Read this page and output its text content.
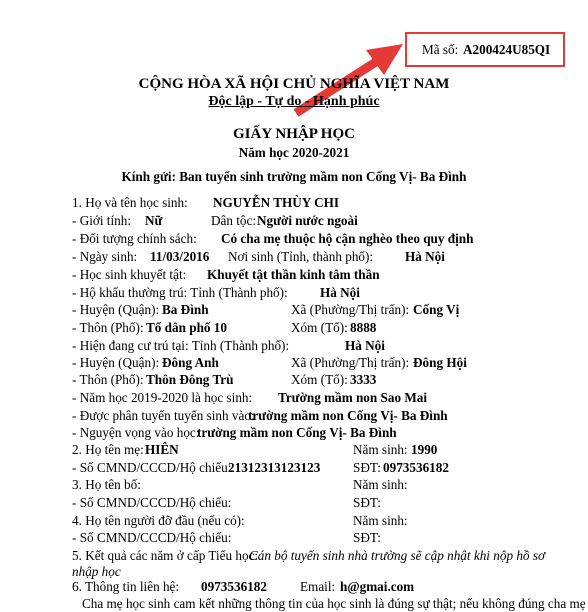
Mã số: A200424U85QI
CỘNG HÒA XÃ HỘI CHỦ NGHĨA VIỆT NAM
Độc lập - Tự do - Hạnh phúc
GIẤY NHẬP HỌC
Năm học 2020-2021
Kính gửi: Ban tuyển sinh trường mầm non Cống Vị- Ba Đình
1. Họ và tên học sinh: NGUYỄN THÙY CHI
- Giới tính: Nữ	Dân tộc: Người nước ngoài
- Đối tượng chính sách: Có cha mẹ thuộc hộ cận nghèo theo quy định
- Ngày sinh: 11/03/2016 Nơi sinh (Tỉnh, thành phố): Hà Nội
- Học sinh khuyết tật: Khuyết tật thần kinh tâm thần
- Hộ khẩu thường trú: Tỉnh (Thành phố): Hà Nội
- Huyện (Quận): Ba Đình	Xã (Phường/Thị trấn): Cống Vị
- Thôn (Phố): Tổ dân phố 10	Xóm (Tổ): 8888
- Hiện đang cư trú tại: Tỉnh (Thành phố):	Hà Nội
- Huyện (Quận): Đông Anh	Xã (Phường/Thị trấn): Đông Hội
- Thôn (Phố): Thôn Đông Trù	Xóm (Tổ): 3333
- Năm học 2019-2020 là học sinh: Trường mầm non Sao Mai
- Được phân tuyến tuyển sinh vào:
trường mầm non Cống Vị- Ba Đình
- Nguyện vọng vào học:
trường mầm non Cống Vị- Ba Đình
2. Họ tên mẹ: HIÊN	Năm sinh: 1990
- Số CMND/CCCD/Hộ chiếu:
21312313123123 SĐT: 0973536182
3. Họ tên bố:	Năm sinh:
- Số CMND/CCCD/Hộ chiếu:	SĐT:
4. Họ tên người đỡ đầu (nếu có):	Năm sinh:
- Số CMND/CCCD/Hộ chiếu:	SĐT:
5. Kết quả các năm ở cấp Tiểu học:
Cán bộ tuyển sinh nhà trường sẽ cập nhật khi nộp hồ sơ
nhập học
6. Thông tin liên hệ: 0973536182	Email: h@gmai.com
Cha mẹ học sinh cam kết những thông tin của học sinh là đúng sự thật; nếu không đúng cha mẹ
